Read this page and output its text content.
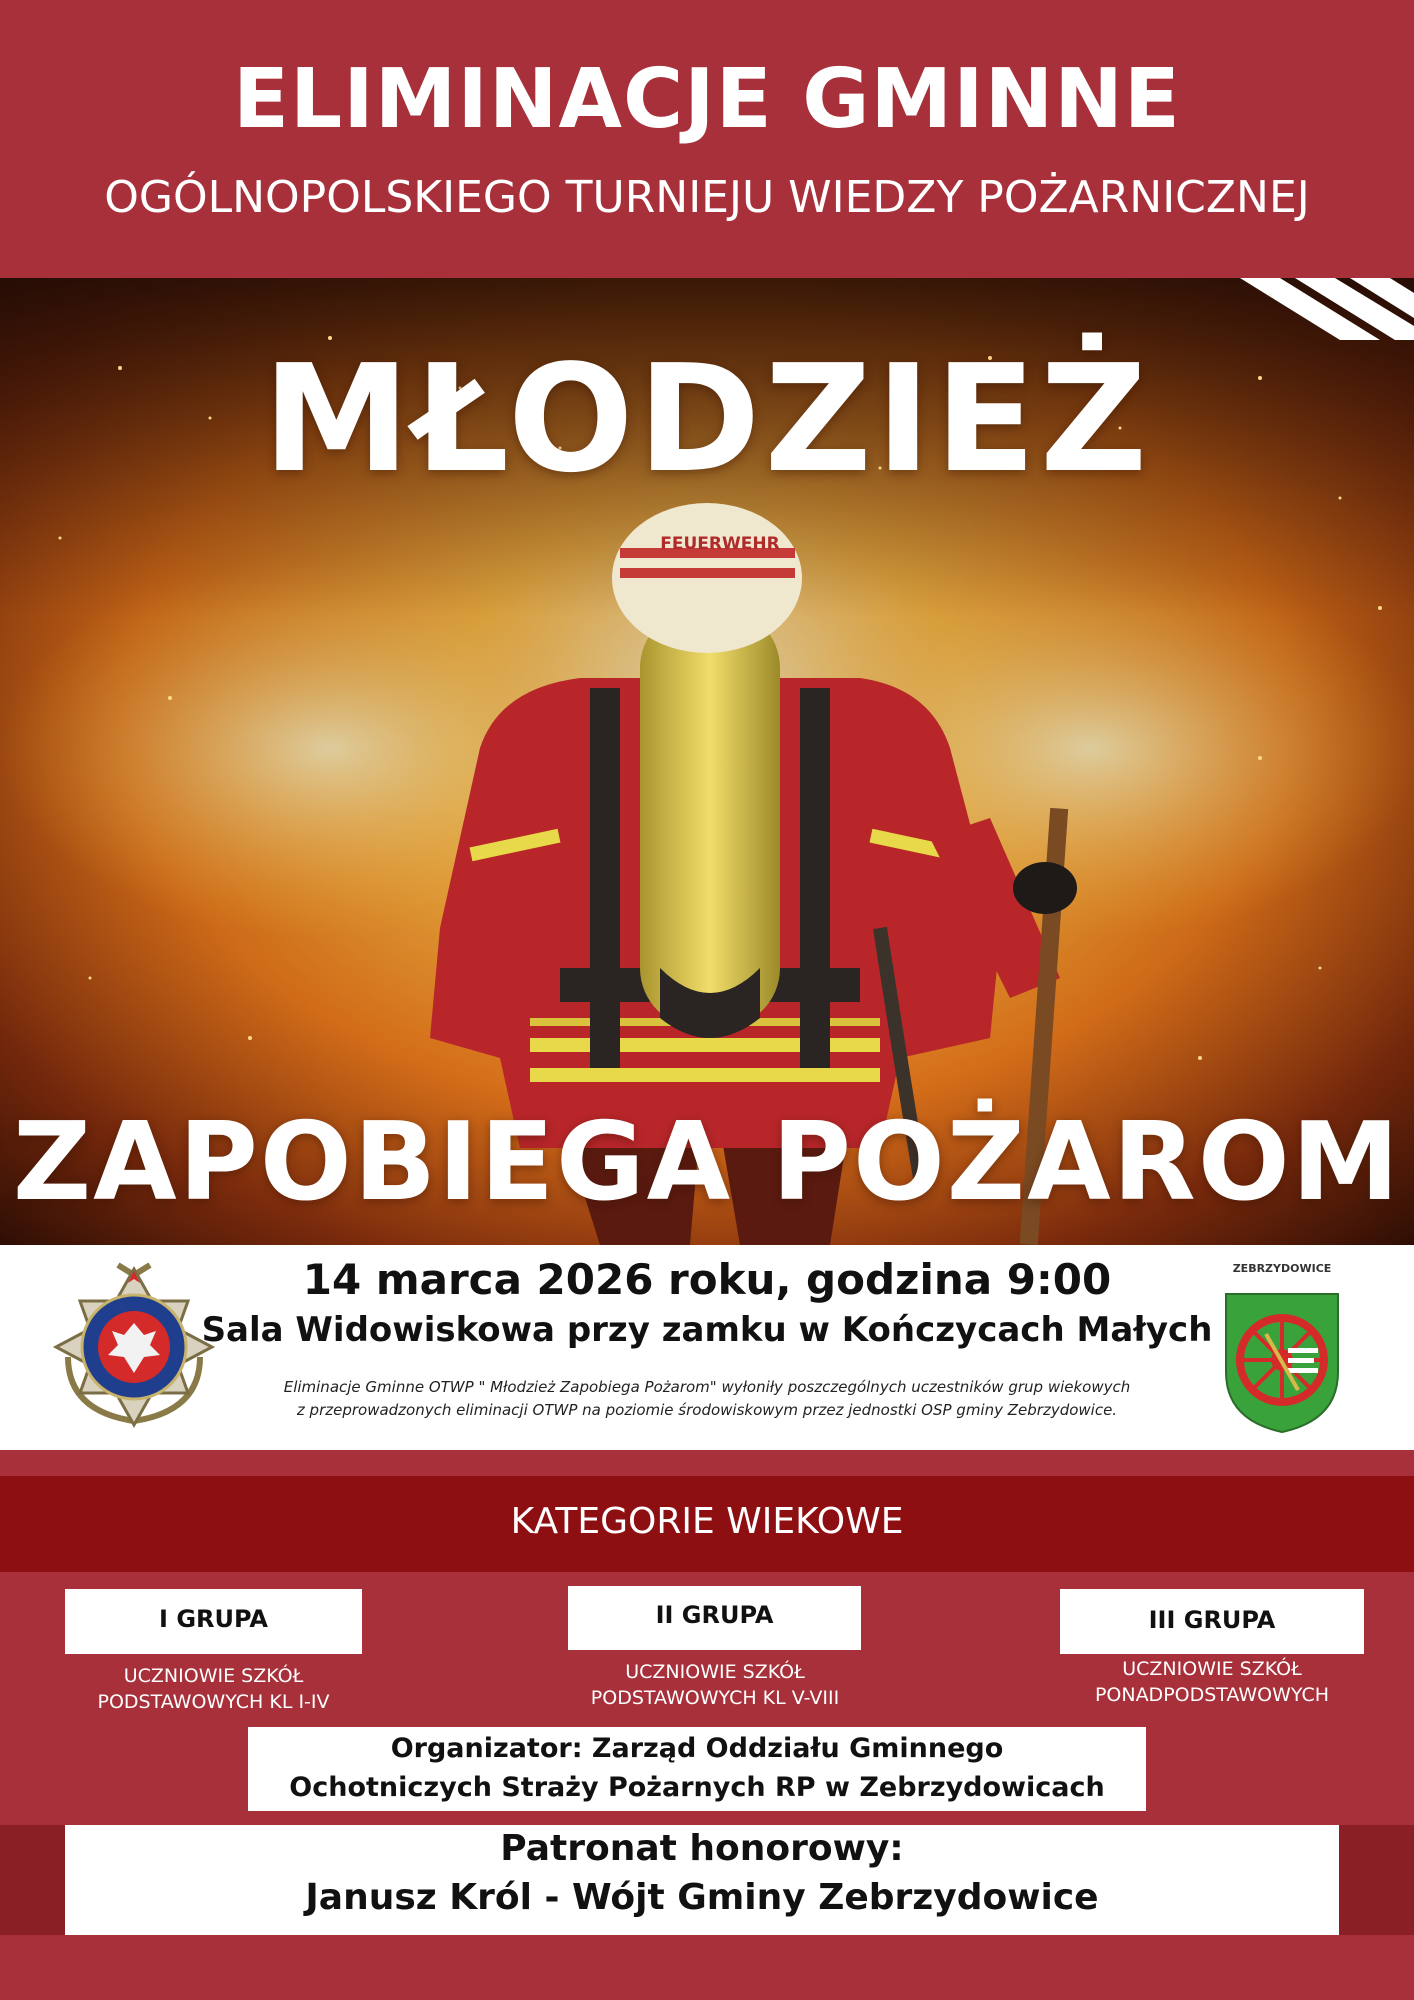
ELIMINACJE GMINNE
OGÓLNOPOLSKIEGO TURNIEJU WIEDZY POŻARNICZNEJ
FEUERWEHR
MŁODZIEŻ
ZAPOBIEGA POŻAROM
ZEBRZYDOWICE
14 marca 2026 roku, godzina 9:00
Sala Widowiskowa przy zamku w Kończycach Małych
Eliminacje Gminne OTWP " Młodzież Zapobiega Pożarom" wyłoniły poszczególnych uczestników grup wiekowych
z przeprowadzonych eliminacji OTWP na poziomie środowiskowym przez jednostki OSP gminy Zebrzydowice.
KATEGORIE WIEKOWE
I GRUPA
UCZNIOWIE SZKÓŁ
PODSTAWOWYCH KL I-IV
II GRUPA
UCZNIOWIE SZKÓŁ
PODSTAWOWYCH KL V-VIII
III GRUPA
UCZNIOWIE SZKÓŁ
PONADPODSTAWOWYCH
Organizator: Zarząd Oddziału Gminnego
Ochotniczych Straży Pożarnych RP w Zebrzydowicach
Patronat honorowy:
Janusz Król - Wójt Gminy Zebrzydowice
